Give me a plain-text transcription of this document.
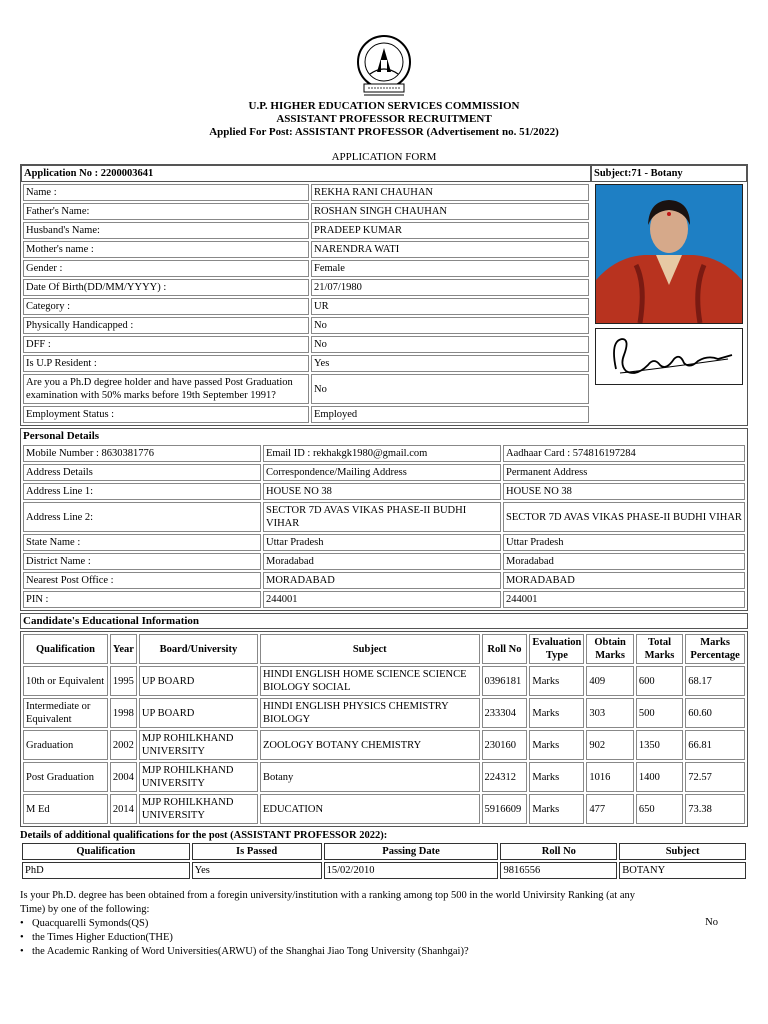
U.P. HIGHER EDUCATION SERVICES COMMISSION
ASSISTANT PROFESSOR RECRUITMENT
Applied For Post: ASSISTANT PROFESSOR (Advertisement no. 51/2022)
APPLICATION FORM
Application No : 2200003641	Subject:71 - Botany

Name :	REKHA RANI CHAUHAN
Father's Name:	ROSHAN SINGH CHAUHAN
Husband's Name:	PRADEEP KUMAR
Mother's name :	NARENDRA WATI
Gender :	Female
Date Of Birth(DD/MM/YYYY) :	21/07/1980
Category :	UR
Physically Handicapped :	No
DFF :	No
Is U.P Resident :	Yes
Are you a Ph.D degree holder and have passed Post Graduation examination with 50% marks before 19th September 1991?	No
Employment Status :	Employed

Personal Details
Mobile Number : 8630381776	Email ID : rekhakgk1980@gmail.com	Aadhaar Card : 574816197284
Address Details	Correspondence/Mailing Address	Permanent Address
Address Line 1:	HOUSE NO 38	HOUSE NO 38
Address Line 2:	SECTOR 7D AVAS VIKAS PHASE-II BUDHI VIHAR	SECTOR 7D AVAS VIKAS PHASE-II BUDHI VIHAR
State Name :	Uttar Pradesh	Uttar Pradesh
District Name :	Moradabad	Moradabad
Nearest Post Office :	MORADABAD	MORADABAD
PIN :	244001	244001
Candidate's Educational Information
Qualification	Year	Board/University	Subject	Roll No	Evaluation Type	Obtain Marks	Total Marks	Marks Percentage
10th or Equivalent	1995	UP BOARD	HINDI ENGLISH HOME SCIENCE SCIENCE BIOLOGY SOCIAL	0396181	Marks	409	600	68.17
Intermediate or Equivalent	1998	UP BOARD	HINDI ENGLISH PHYSICS CHEMISTRY BIOLOGY	233304	Marks	303	500	60.60
Graduation	2002	MJP ROHILKHAND UNIVERSITY	ZOOLOGY BOTANY CHEMISTRY	230160	Marks	902	1350	66.81
Post Graduation	2004	MJP ROHILKHAND UNIVERSITY	Botany	224312	Marks	1016	1400	72.57
M Ed	2014	MJP ROHILKHAND UNIVERSITY	EDUCATION	5916609	Marks	477	650	73.38
Details of additional qualifications for the post (ASSISTANT PROFESSOR 2022):
Qualification	Is Passed	Passing Date	Roll No	Subject
PhD	Yes	15/02/2010	9816556	BOTANY
Is your Ph.D. degree has been obtained from a foregin university/institution with a ranking among top 500 in the world Univirsity Ranking (at any Time) by one of the following:
• Quacquarelli Symonds(QS)
• the Times Higher Eduction(THE)
• the Academic Ranking of Word Universities(ARWU) of the Shanghai Jiao Tong University (Shanhgai)?
No
